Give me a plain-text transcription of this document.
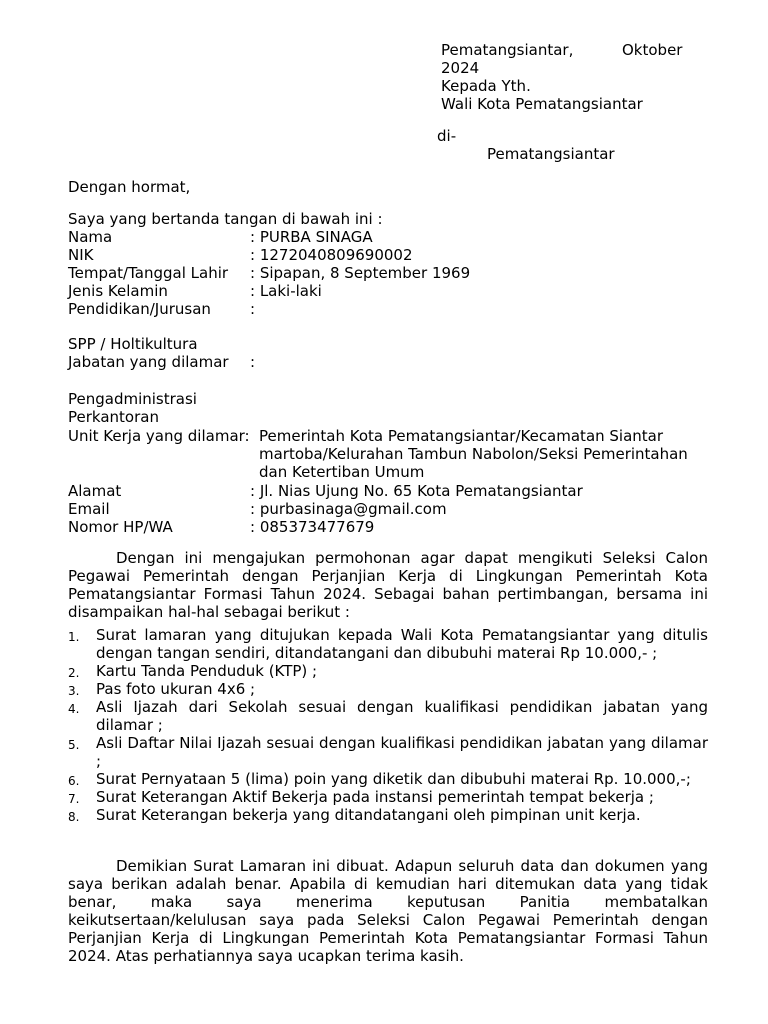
Pematangsiantar,	Oktober
2024
Kepada Yth.
Wali Kota Pematangsiantar
di-
Pematangsiantar
Dengan hormat,
Saya yang bertanda tangan di bawah ini :
Nama	: PURBA SINAGA
NIK	: 1272040809690002
Tempat/Tanggal Lahir : Sipapan, 8 September 1969
Jenis Kelamin	: Laki-laki
Pendidikan/Jurusan	:
SPP / Holtikultura
Jabatan yang dilamar :
Pengadministrasi
Perkantoran
Unit Kerja yang dilamar: Pemerintah Kota Pematangsiantar/Kecamatan Siantar
martoba/Kelurahan Tambun Nabolon/Seksi Pemerintahan
dan Ketertiban Umum
Alamat	: Jl. Nias Ujung No. 65 Kota Pematangsiantar
Email	: purbasinaga@gmail.com
Nomor HP/WA	: 085373477679
Dengan ini mengajukan permohonan agar dapat mengikuti Seleksi Calon Pegawai Pemerintah dengan Perjanjian Kerja di Lingkungan Pemerintah Kota Pematangsiantar Formasi Tahun 2024. Sebagai bahan pertimbangan, bersama ini disampaikan hal-hal sebagai berikut :
1. Surat lamaran yang ditujukan kepada Wali Kota Pematangsiantar yang ditulis dengan tangan sendiri, ditandatangani dan dibubuhi materai Rp 10.000,- ;
2. Kartu Tanda Penduduk (KTP) ;
3. Pas foto ukuran 4x6 ;
4. Asli Ijazah dari Sekolah sesuai dengan kualifikasi pendidikan jabatan yang dilamar ;
5. Asli Daftar Nilai Ijazah sesuai dengan kualifikasi pendidikan jabatan yang dilamar ;
6. Surat Pernyataan 5 (lima) poin yang diketik dan dibubuhi materai Rp. 10.000,-;
7. Surat Keterangan Aktif Bekerja pada instansi pemerintah tempat bekerja ;
8. Surat Keterangan bekerja yang ditandatangani oleh pimpinan unit kerja.
Demikian Surat Lamaran ini dibuat. Adapun seluruh data dan dokumen yang saya berikan adalah benar. Apabila di kemudian hari ditemukan data yang tidak benar, maka saya menerima keputusan Panitia membatalkan keikutsertaan/kelulusan saya pada Seleksi Calon Pegawai Pemerintah dengan Perjanjian Kerja di Lingkungan Pemerintah Kota Pematangsiantar Formasi Tahun 2024. Atas perhatiannya saya ucapkan terima kasih.
